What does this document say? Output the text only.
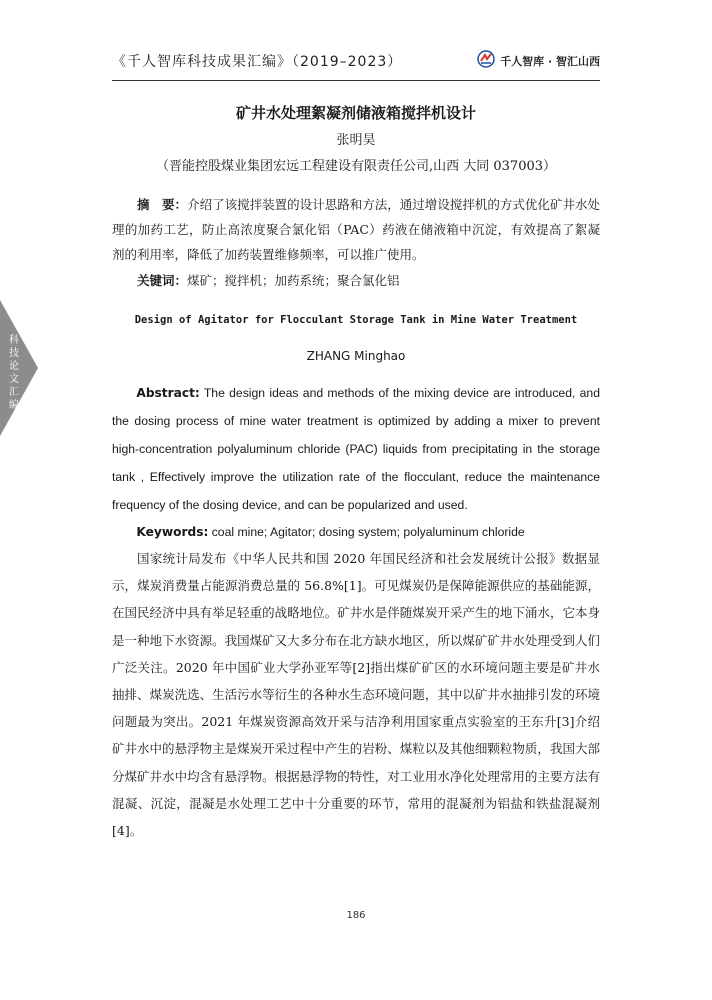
《千人智库科技成果汇编》（2019–2023）	千人智库 · 智汇山西
科技论文汇编
矿井水处理絮凝剂储液箱搅拌机设计
张明昊
（晋能控股煤业集团宏远工程建设有限责任公司,山西 大同 037003）

摘　要：介绍了该搅拌装置的设计思路和方法，通过增设搅拌机的方式优化矿井水处理的加药工艺，防止高浓度聚合氯化铝（PAC）药液在储液箱中沉淀，有效提高了絮凝剂的利用率，降低了加药装置维修频率，可以推广使用。

关键词：煤矿；搅拌机；加药系统；聚合氯化铝

Design of Agitator for Flocculant Storage Tank in Mine Water Treatment
ZHANG Minghao

Abstract: The design ideas and methods of the mixing device are introduced, and the dosing process of mine water treatment is optimized by adding a mixer to prevent high-concentration polyaluminum chloride (PAC) liquids from precipitating in the storage tank , Effectively improve the utilization rate of the flocculant, reduce the maintenance frequency of the dosing device, and can be popularized and used.

Keywords: coal mine; Agitator; dosing system; polyaluminum chloride

国家统计局发布《中华人民共和国 2020 年国民经济和社会发展统计公报》数据显示，煤炭消费量占能源消费总量的 56.8%[1]。可见煤炭仍是保障能源供应的基础能源，在国民经济中具有举足轻重的战略地位。矿井水是伴随煤炭开采产生的地下涌水，它本身是一种地下水资源。我国煤矿又大多分布在北方缺水地区，所以煤矿矿井水处理受到人们广泛关注。2020 年中国矿业大学孙亚军等[2]指出煤矿矿区的水环境问题主要是矿井水抽排、煤炭洗选、生活污水等衍生的各种水生态环境问题，其中以矿井水抽排引发的环境问题最为突出。2021 年煤炭资源高效开采与洁净利用国家重点实验室的王东升[3]介绍矿井水中的悬浮物主是煤炭开采过程中产生的岩粉、煤粒以及其他细颗粒物质，我国大部分煤矿井水中均含有悬浮物。根据悬浮物的特性，对工业用水净化处理常用的主要方法有混凝、沉淀，混凝是水处理工艺中十分重要的环节，常用的混凝剂为铝盐和铁盐混凝剂[4]。

186
